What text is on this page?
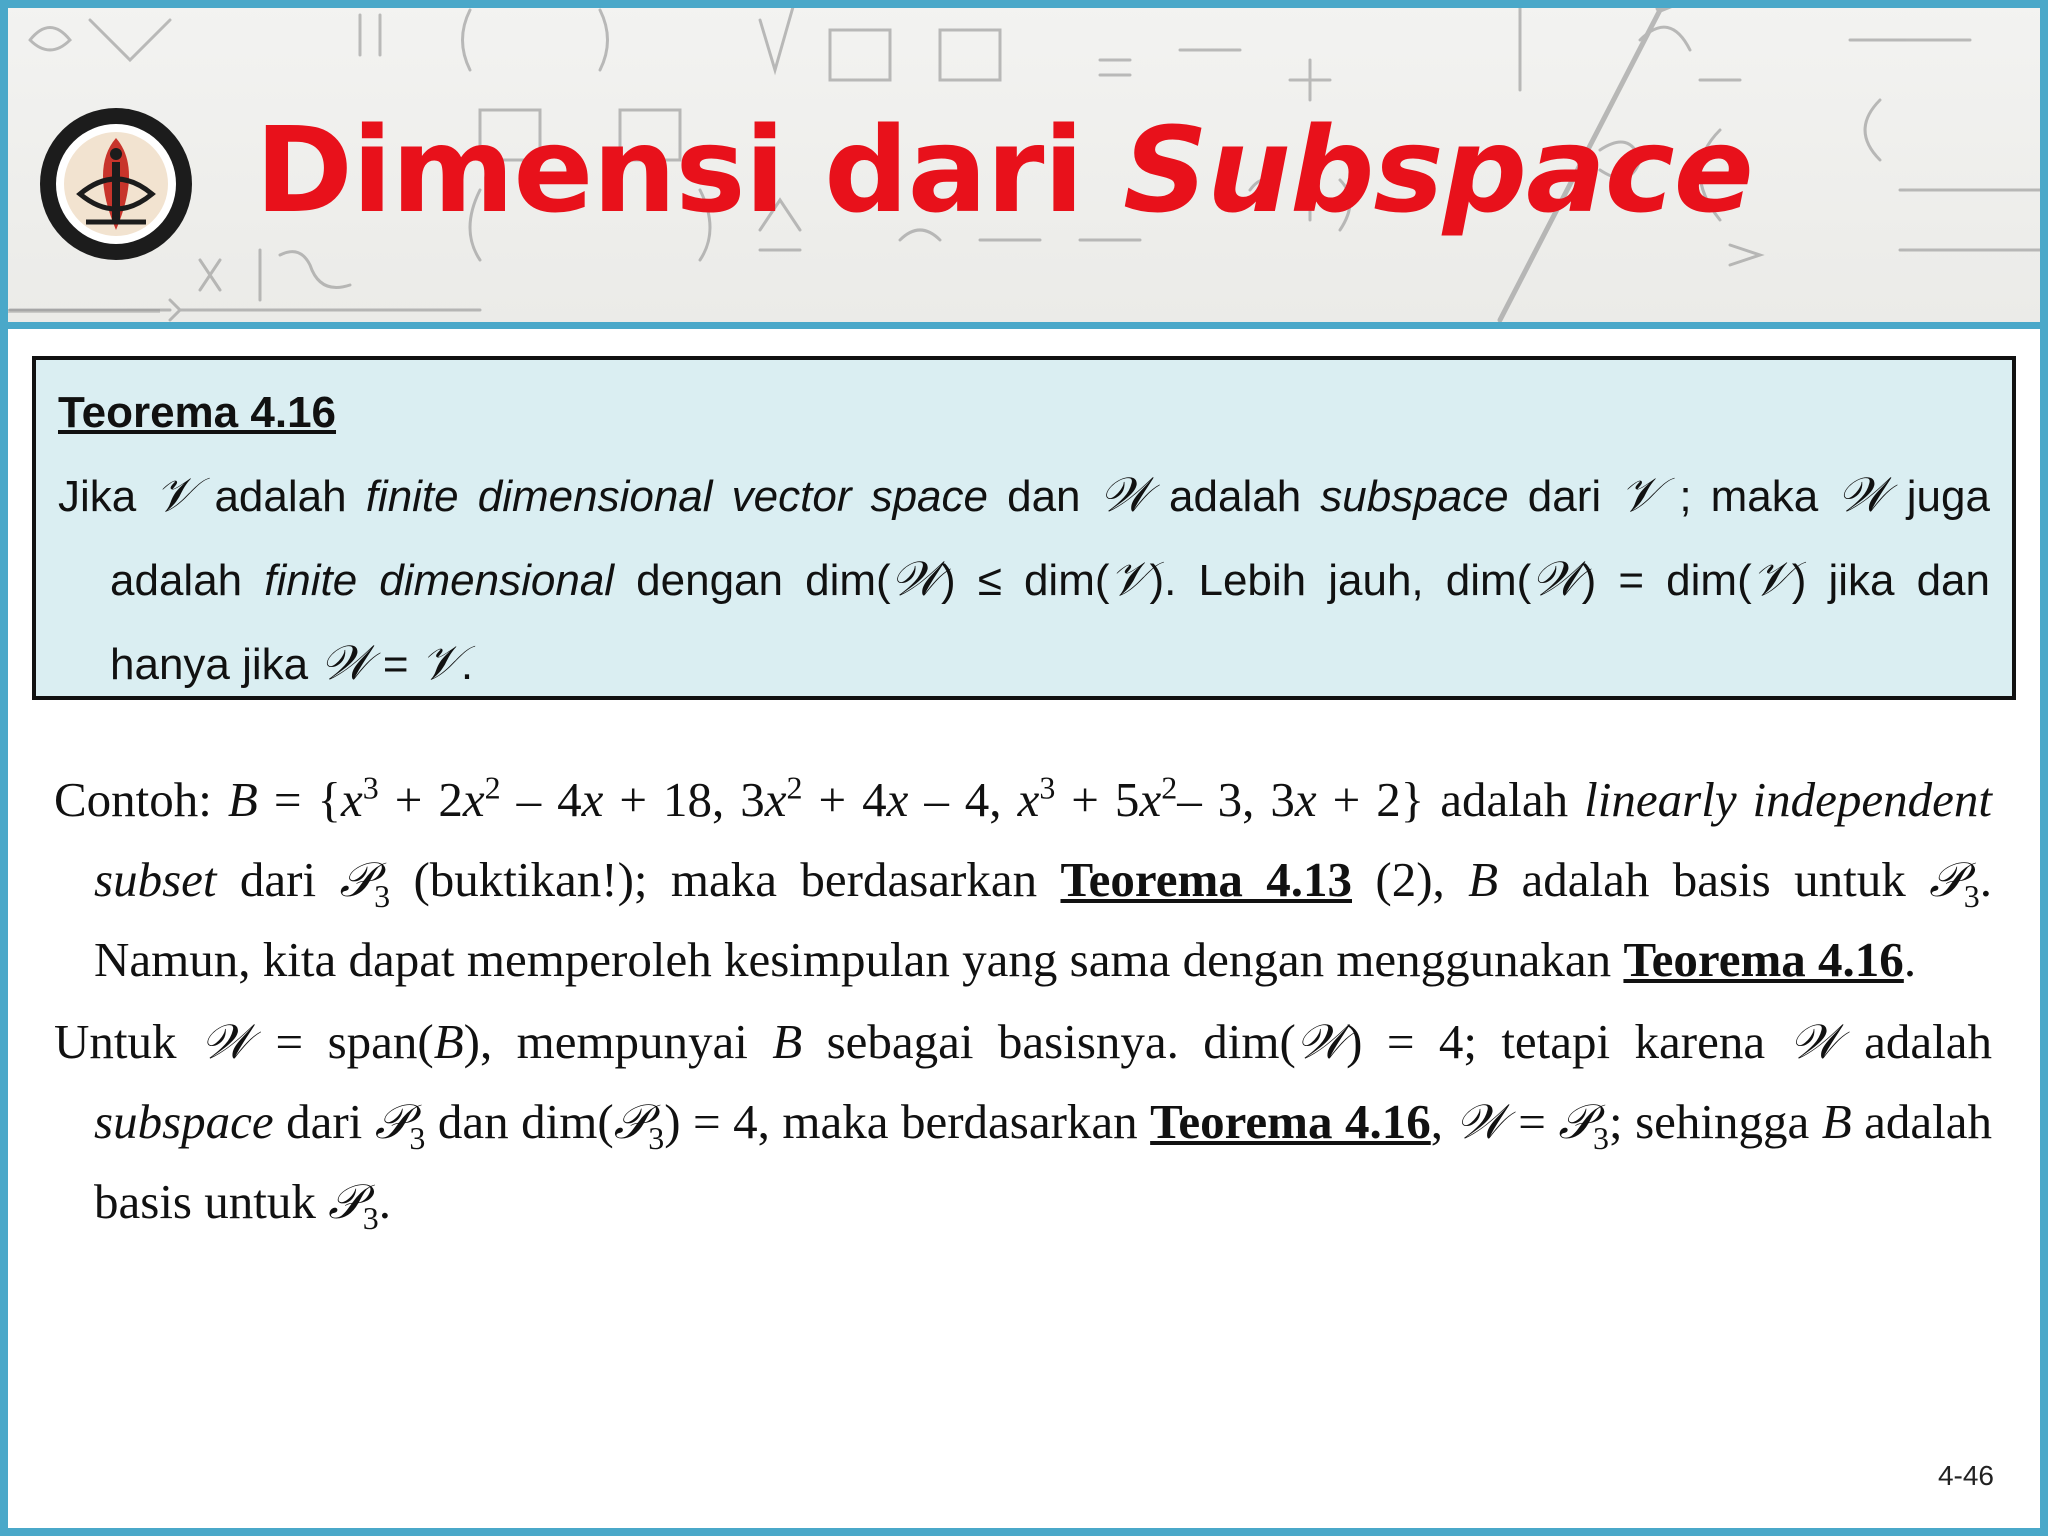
Dimensi dari Subspace
Teorema 4.16
Jika 𝒱 adalah finite dimensional vector space dan 𝒲 adalah subspace dari 𝒱 ; maka 𝒲 juga adalah finite dimensional dengan dim(𝒲) ≤ dim(𝒱). Lebih jauh, dim(𝒲) = dim(𝒱) jika dan hanya jika 𝒲 = 𝒱.

Contoh: $B = \{x^3 + 2x^2 - 4x + 18$, $3x^2 + 4x - 4$, $x^3 + 5x^2-$ 3, 3x + 2} adalah linearly independent subset dari 𝒫$_3$ (buktikan!); maka berdasarkan Teorema 4.13 (2), B adalah basis untuk 𝒫$_3$. Namun, kita dapat memperoleh kesimpulan yang sama dengan menggunakan Teorema 4.16.

Untuk 𝒲 = span(B), mempunyai B sebagai basisnya. dim(𝒲) = 4; tetapi karena 𝒲 adalah subspace dari 𝒫$_3$ dan dim(𝒫$_3$) = 4, maka berdasarkan Teorema 4.16, 𝒲 = 𝒫$_3$; sehingga B adalah basis untuk 𝒫$_3$.

4-46
